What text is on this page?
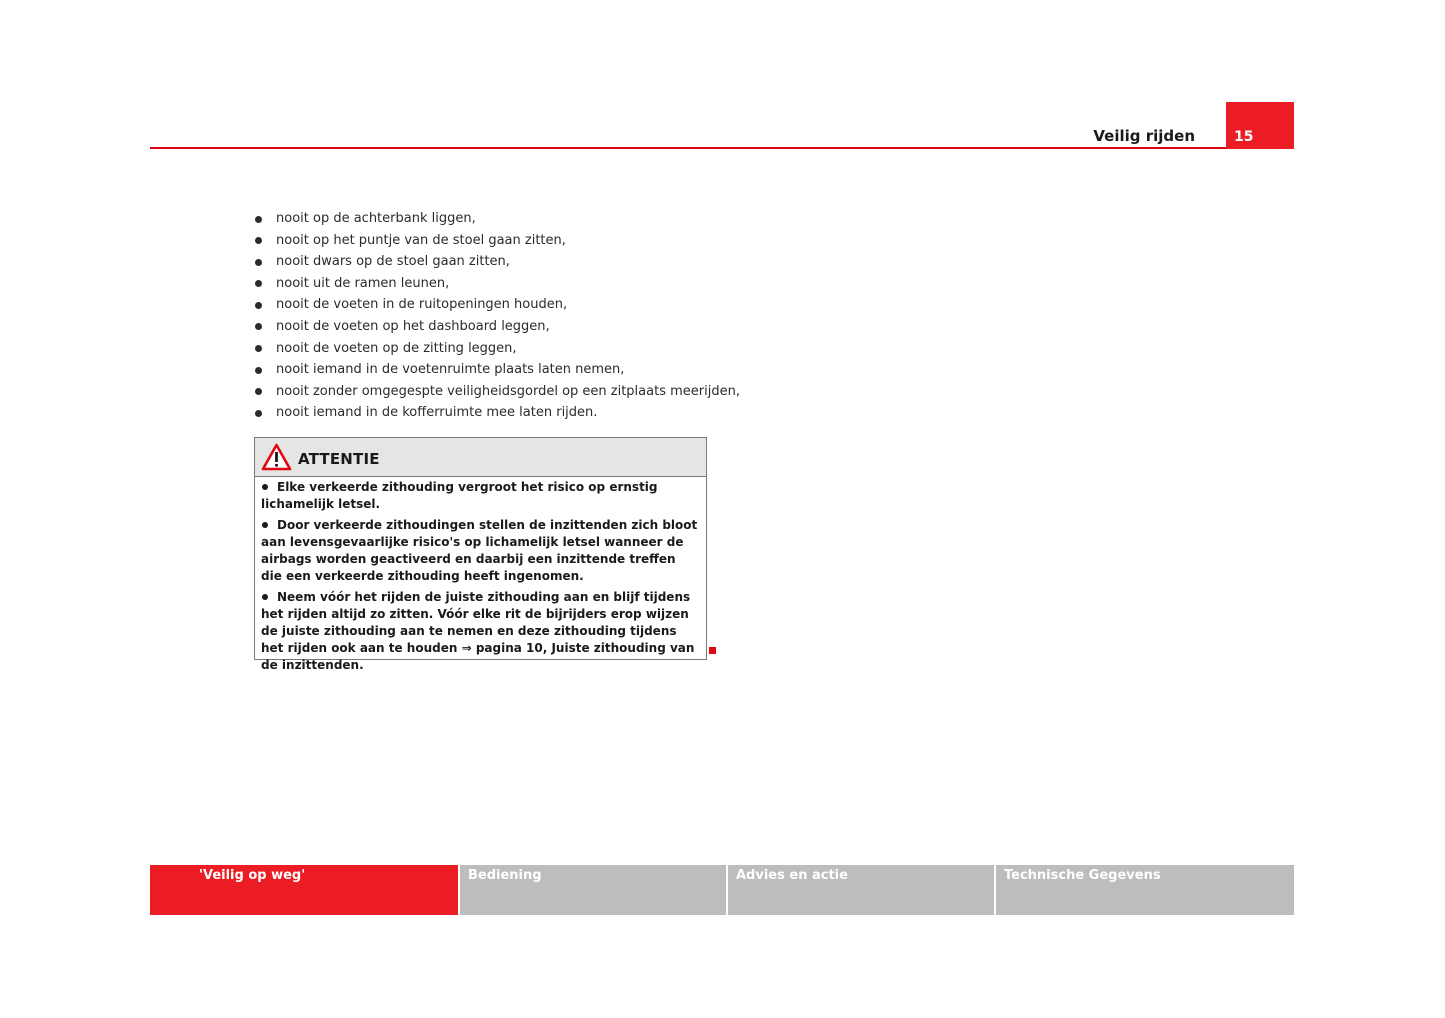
Veilig rijden	15
nooit op de achterbank liggen,
nooit op het puntje van de stoel gaan zitten,
nooit dwars op de stoel gaan zitten,
nooit uit de ramen leunen,
nooit de voeten in de ruitopeningen houden,
nooit de voeten op het dashboard leggen,
nooit de voeten op de zitting leggen,
nooit iemand in de voetenruimte plaats laten nemen,
nooit zonder omgegespte veiligheidsgordel op een zitplaats meerijden,
nooit iemand in de kofferruimte mee laten rijden.
ATTENTIE

Elke verkeerde zithouding vergroot het risico op ernstig lichamelijk letsel.

Door verkeerde zithoudingen stellen de inzittenden zich bloot aan levensgevaarlijke risico's op lichamelijk letsel wanneer de airbags worden geactiveerd en daarbij een inzittende treffen die een verkeerde zithouding heeft ingenomen.

Neem vóór het rijden de juiste zithouding aan en blijf tijdens het rijden altijd zo zitten. Vóór elke rit de bijrijders erop wijzen de juiste zithouding aan te nemen en deze zithouding tijdens het rijden ook aan te houden ⇒ pagina 10, Juiste zithouding van de inzittenden.

'Veilig op weg'	Bediening	Advies en actie	Technische Gegevens
